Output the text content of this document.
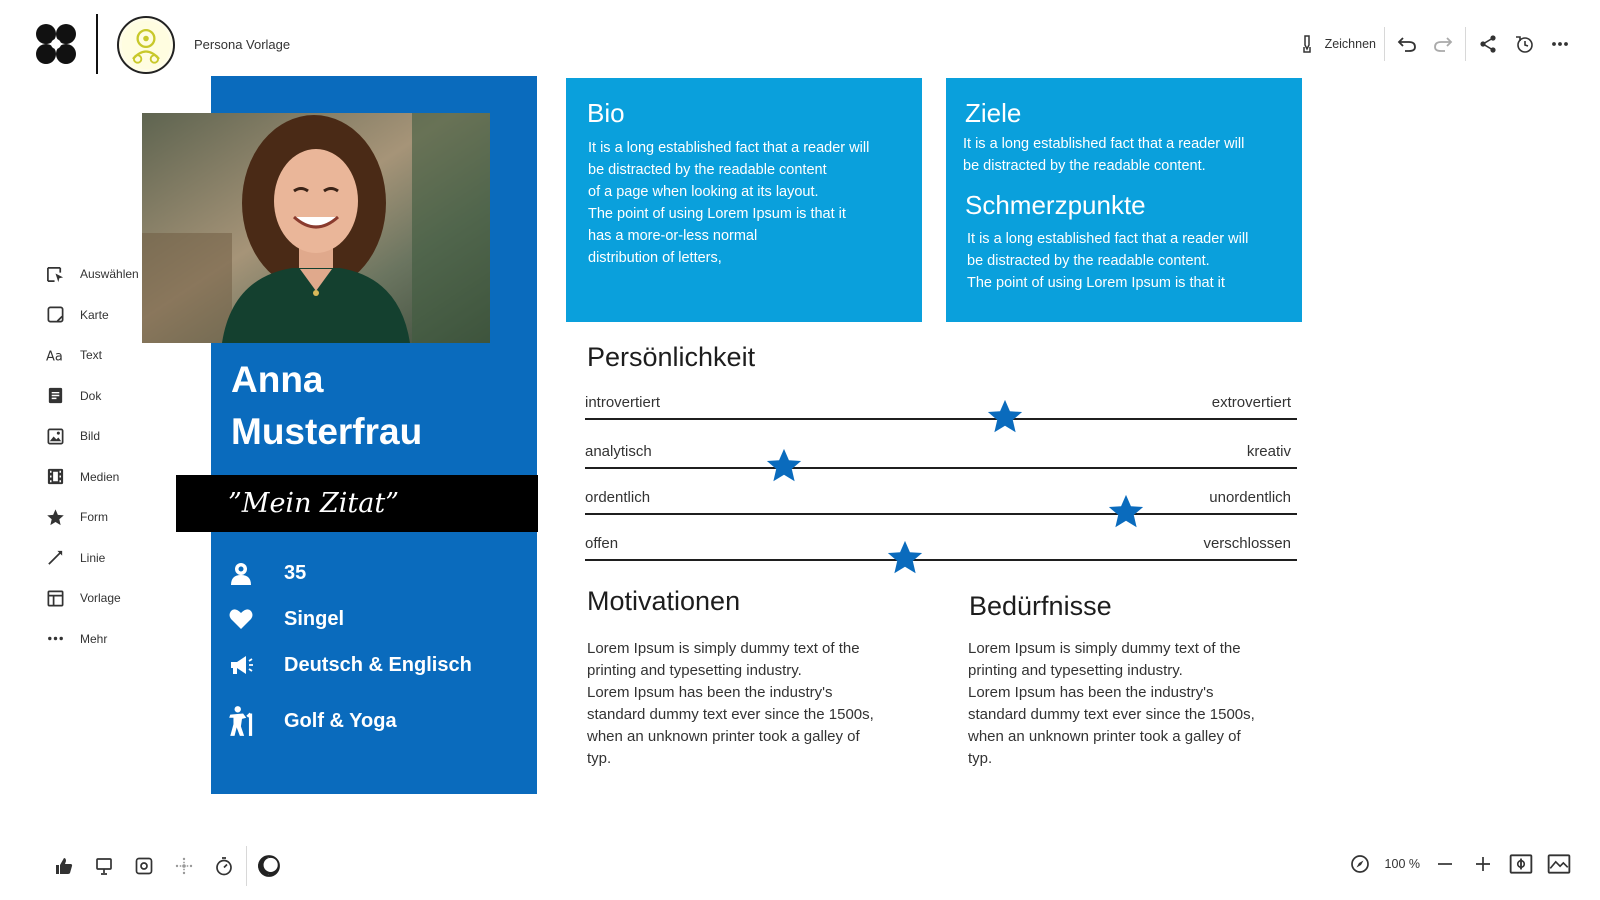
Persona Vorlage	Zeichnen
Auswählen
Karte
Aa Text
Dok
Bild
Medien
Form
Linie
Vorlage
Mehr
Anna
Musterfrau
”Mein Zitat”
35
Singel
Deutsch & Englisch
Golf & Yoga
Bio
It is a long established fact that a reader will
be distracted by the readable content
of a page when looking at its layout.
The point of using Lorem Ipsum is that it
has a more-or-less normal
distribution of letters,
Ziele
It is a long established fact that a reader will
be distracted by the readable content.
Schmerzpunkte
It is a long established fact that a reader will
be distracted by the readable content.
The point of using Lorem Ipsum is that it
Persönlichkeit
introvertiert	extrovertiert
analytisch	kreativ
ordentlich	unordentlich
offen	verschlossen
Motivationen
Lorem Ipsum is simply dummy text of the
printing and typesetting industry.
Lorem Ipsum has been the industry's
standard dummy text ever since the 1500s,
when an unknown printer took a galley of
typ.
Bedürfnisse
Lorem Ipsum is simply dummy text of the
printing and typesetting industry.
Lorem Ipsum has been the industry's
standard dummy text ever since the 1500s,
when an unknown printer took a galley of
typ.
100 %
